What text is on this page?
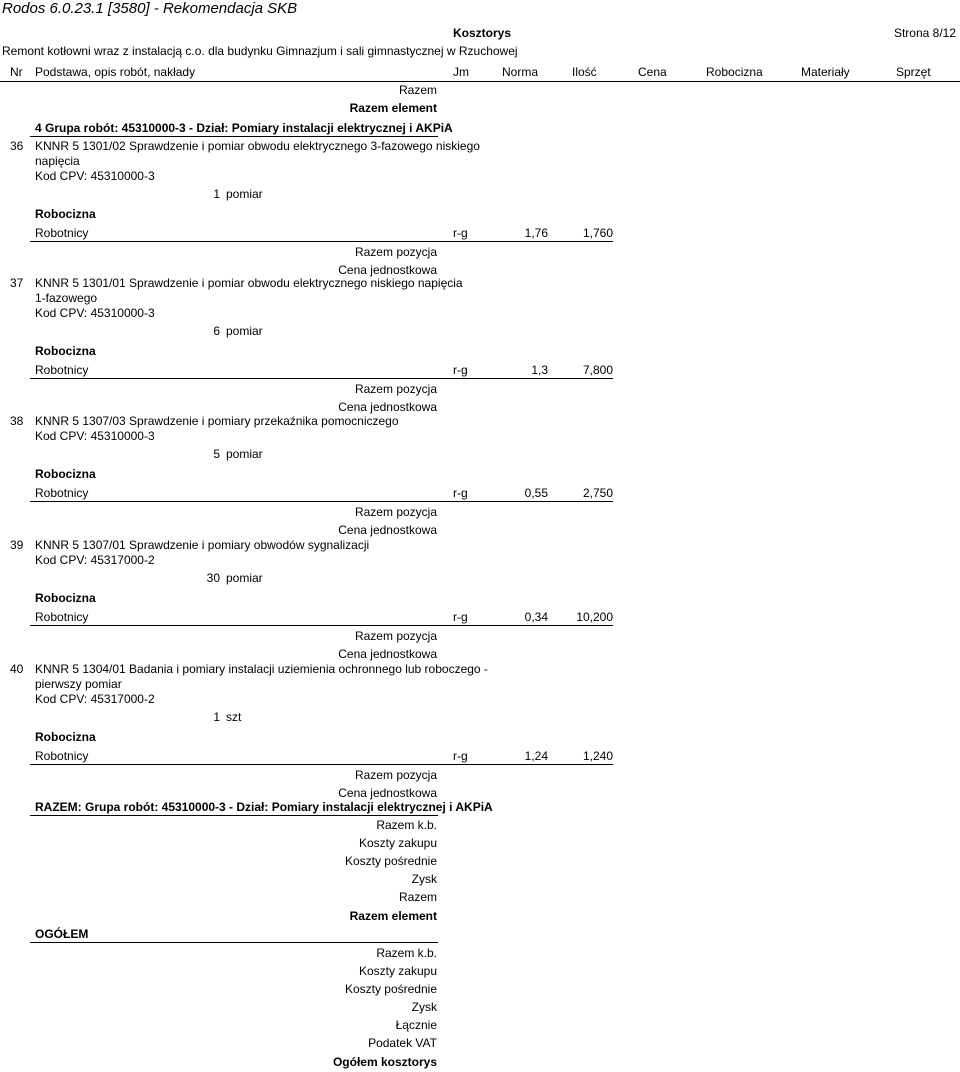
Rodos 6.0.23.1 [3580] - Rekomendacja SKB
Kosztorys	Strona 8/12
Remont kotłowni wraz z instalacją c.o. dla budynku Gimnazjum i sali gimnastycznej w Rzuchowej
Nr Podstawa, opis robót, nakłady	Jm	Norma	Ilość	Cena	Robocizna	Materiały	Sprzęt
Razem
Razem element
4 Grupa robót: 45310000-3 - Dział: Pomiary instalacji elektrycznej i AKPiA
36 KNNR 5 1301/02 Sprawdzenie i pomiar obwodu elektrycznego 3-fazowego niskiego
napięcia
Kod CPV: 45310000-3
1 pomiar
Robocizna
Robotnicy	r-g	1,76	1,760
Razem pozycja
Cena jednostkowa
37 KNNR 5 1301/01 Sprawdzenie i pomiar obwodu elektrycznego niskiego napięcia
1-fazowego
Kod CPV: 45310000-3
6 pomiar
Robocizna
Robotnicy	r-g	1,3	7,800
Razem pozycja
Cena jednostkowa
38 KNNR 5 1307/03 Sprawdzenie i pomiary przekaźnika pomocniczego
Kod CPV: 45310000-3
5 pomiar
Robocizna
Robotnicy	r-g	0,55	2,750
Razem pozycja
Cena jednostkowa
39 KNNR 5 1307/01 Sprawdzenie i pomiary obwodów sygnalizacji
Kod CPV: 45317000-2
30 pomiar
Robocizna
Robotnicy	r-g	0,34	10,200
Razem pozycja
Cena jednostkowa
40 KNNR 5 1304/01 Badania i pomiary instalacji uziemienia ochronnego lub roboczego -
pierwszy pomiar
Kod CPV: 45317000-2
1 szt
Robocizna
Robotnicy	r-g	1,24	1,240
Razem pozycja
Cena jednostkowa
RAZEM: Grupa robót: 45310000-3 - Dział: Pomiary instalacji elektrycznej i AKPiA
Razem k.b.
Koszty zakupu
Koszty pośrednie
Zysk
Razem
Razem element
OGÓŁEM
Razem k.b.
Koszty zakupu
Koszty pośrednie
Zysk
Łącznie
Podatek VAT
Ogółem kosztorys
